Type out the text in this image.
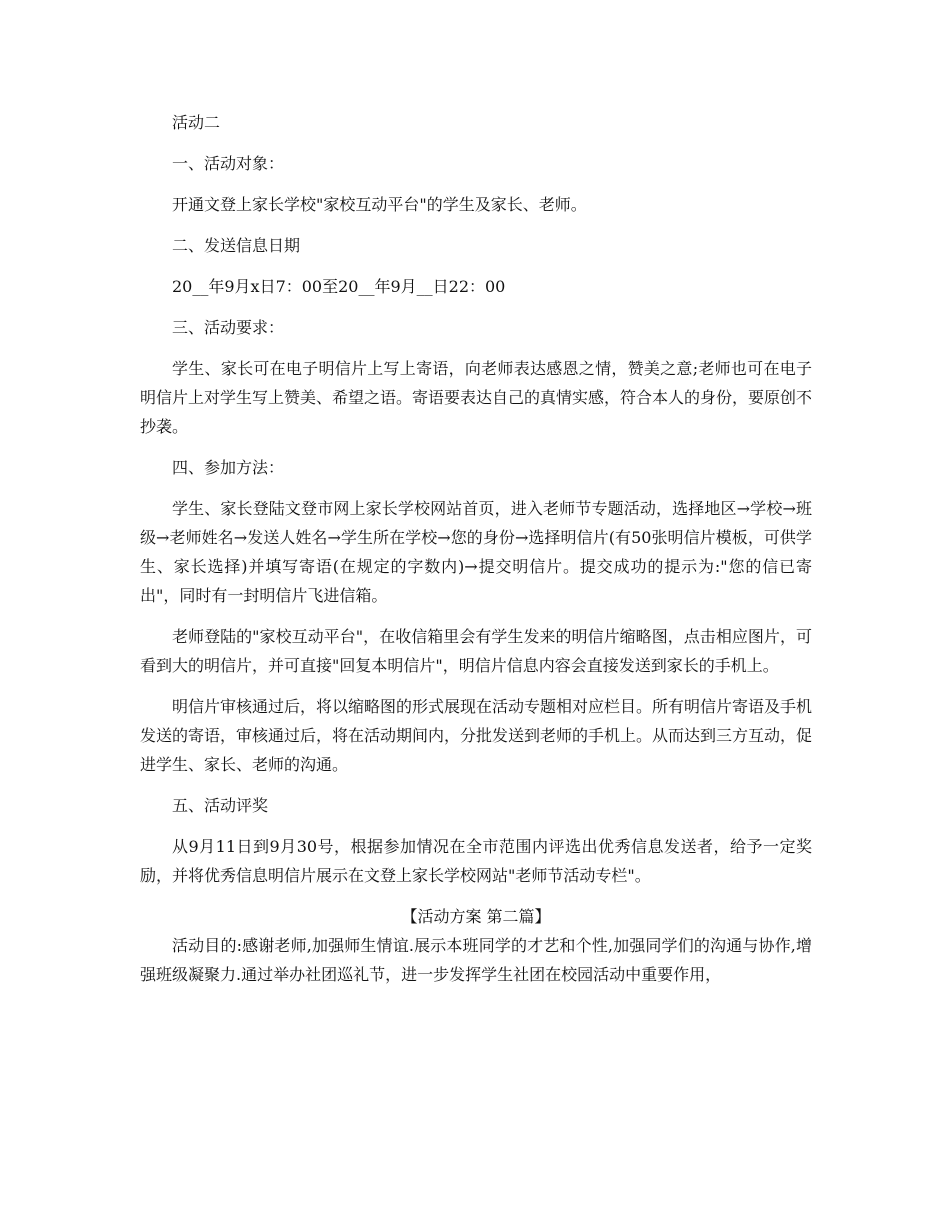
活动二

一、活动对象：

开通文登上家长学校"家校互动平台"的学生及家长、老师。

二、发送信息日期

20__年9月x日7：00至20__年9月__日22：00

三、活动要求：

学生、家长可在电子明信片上写上寄语，向老师表达感恩之情，赞美之意;老师也可在电子明信片上对学生写上赞美、希望之语。寄语要表达自己的真情实感，符合本人的身份，要原创不抄袭。

四、参加方法：

学生、家长登陆文登市网上家长学校网站首页，进入老师节专题活动，选择地区→学校→班级→老师姓名→发送人姓名→学生所在学校→您的身份→选择明信片(有50张明信片模板，可供学生、家长选择)并填写寄语(在规定的字数内)→提交明信片。提交成功的提示为:"您的信已寄出"，同时有一封明信片飞进信箱。

老师登陆的"家校互动平台"，在收信箱里会有学生发来的明信片缩略图，点击相应图片，可看到大的明信片，并可直接"回复本明信片"，明信片信息内容会直接发送到家长的手机上。

明信片审核通过后，将以缩略图的形式展现在活动专题相对应栏目。所有明信片寄语及手机发送的寄语，审核通过后，将在活动期间内，分批发送到老师的手机上。从而达到三方互动，促进学生、家长、老师的沟通。

五、活动评奖

从9月11日到9月30号，根据参加情况在全市范围内评选出优秀信息发送者，给予一定奖励，并将优秀信息明信片展示在文登上家长学校网站"老师节活动专栏"。

【活动方案 第二篇】

活动目的:感谢老师,加强师生情谊.展示本班同学的才艺和个性,加强同学们的沟通与协作,增强班级凝聚力.通过举办社团巡礼节，进一步发挥学生社团在校园活动中重要作用，
